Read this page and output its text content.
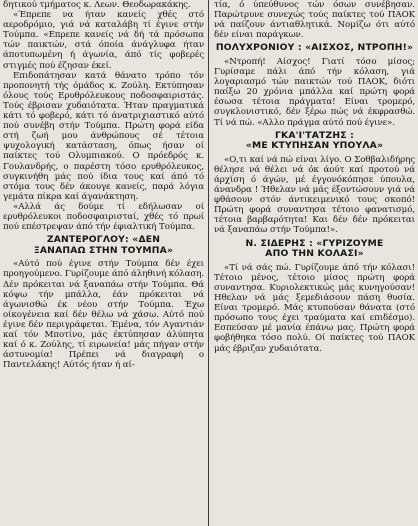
δητικού τμήματος κ. Λεων. Θεοδωρακάκης.

«Έπρεπε να ήταν κανείς χθές στό αεροδρόμιο, γιά νά καταλάβη τί έγινε στήν Τούμπα. «Επρεπε κανείς νά δή τά πρόσωπα τών παικτών, στά όποία άνάγλυφα ήταν άποτυπωμένη ή άγωνία, άπό τίς φοβερές στιγμές πού έζησαν έκεί.

Επιδοπάτησαν κατά θάνατο τρόπο τόν προπονητή τής όμάδος κ. Ζούλη. Εκτύπησαν όλους τούς Ερυθρόλευκους ποδοσφαιριστάς. Τούς έβρισαν χυδαιότατα. Ήταν πραγματικά κάτι τό φοβερό, κάτι τό άνατριχιαστικό αύτό πού συνέβη στήν Τούμπα. Πρώτη φορά είδα στή ζωή μου άνθρώπους σέ τέτοια ψυχολογική κατάσταση, όπως ήσαν οί παίκτες τού Ολυμπιακού. Ο πρόεδρός κ. Γουλανδρής, ο παρέστη τόσο ερυθρόλευκος, συγκινήθη μάς πού ίδια τους καί άπό τό στόμα τους δέν άκουγε κανείς, παρά λόγια γεμάτα πίκρα καί άγανάκτηση.

«Αλλά άς δούμε τί εδήλωσαν οί ερυθρόλευκοι ποδοσφαιρισταί, χθές τό πρωί πού επέστρεψαν άπό τήν έφιαλτική Τούμπα.

ΖΑΝΤΕΡΟΓΛΟΥ: «ΔΕΝ
ΞΑΝΑΠΑΩ ΣΤΗΝ ΤΟΥΜΠΑ»

«Αύτό πού έγινε στήν Τούμπα δέν έχει προηγούμενο. Γυρίζουμε άπό άληθινή κόλαση. Δέν πρόκειται νά ξαναπάω στήν Τούμπα. Θά κόψω τήν μπάλλα, έάν πρόκειται νά άγωνισθώ έκ νέου στήν Τούμπα. Έχω οίκογένεια καί δέν θέλω νά χάσω. Αύτό πού έγινε δέν περιγράφεται. Έμένα, τόν Αγαντιάν καί τόν Μποτίνο, μάς έκτύπησαν άλύπητα καί ό κ. Ζούλης, τί ειρωνεία! μάς πήγαν στήν άστυνομία! Πρέπει νά διαγραφή ο Παντελάκης! Αύτός ήταν ή αί-

τία, ό ύπεύθυνος τών όσων συνέβησαν. Παρώτρυνε συνεχώς τούς παίκτες τού ΠΑΟΚ νά παίζουν άντιαθλητικά. Νομίζω ότι αύτό δέν είναι παράγκων.

ΠΟΛΥΧΡΟΝΙΟΥ : «ΑΙΣΧΟΣ, ΝΤΡΟΠΗ!»

«Ντροπή! Αίσχος! Γιατί τόσο μίσος; Γυρίσαμε πάλι άπό τήν κόλαση, γιά λογαριασμό τών παικτών τού ΠΑΟΚ, διότι παίξω 20 χρόνια μπάλλα καί πρώτη φορά έσωσα τέτοια πράγματα! Είναι τρομερό, συγκλονιστικό, δέν ξέρω πώς νά έκφρασθώ. Τί νά πώ. «Αλλο πράγμα αύτό πού έγινε».

ΓΚΑ'Ι'ΤΑΤΖΗΣ :
«ΜΕ ΚΤΥΠΗΣΑΝ ΥΠΟΥΛΑ»

«Ο,τι καί νά πώ είναι λίγο. Ο Σοθβαλιδήρης θέλησε νά θέλει νά όκ άούτ καί προτού νά άρχίση ό άγών, μέ έγγονόκόπησε ύπουλα, άνανδρα ! Ήθελαν νά μάς έξοντώσουν γιά νά φθάσουν στόν άντικειμενικό τους σκοπό! Πρώτη φορά συναντησα τέτοιο φανατισμό, τέτοια βαρβαρότητα! Και δέν δέν πρόκειται νά ξαναπάω στήν Τούμπα!».

Ν. ΣΙΔΕΡΗΣ : «ΓΥΡΙΖΟΥΜΕ
ΑΠΟ ΤΗΝ ΚΟΛΑΣΙ»

«Τί νά σάς πώ. Γυρίζουμε άπό τήν κόλασι! Τέτοιο μένος, τέτοιο μίσος πρώτη φορά συναντησα. Κυριολεκτικώς μάς κυνηγούσαν! Ηθελαν νά μάς ξεμεδιάσουν πάση θυσία. Είναι τρομερό. Μάς κτυπούσαν θάνατα (στό πρόσωπο τους έχει τραύματα καί επιδέσμο). Εσπεύσαν μέ μανία έπάνω μας. Πρώτη φορά φοβήθηκα τόσο πολύ. Οί παίκτες τού ΠΑΟΚ μάς έβριζαν χυδαιότατα.
